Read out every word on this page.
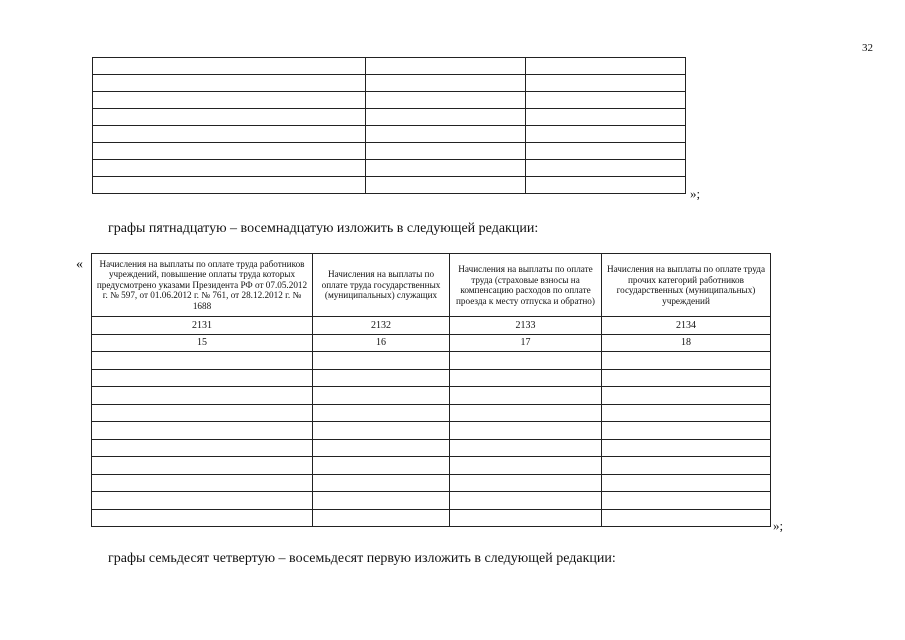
32

»;
графы пятнадцатую – восемнадцатую изложить в следующей редакции:
« Начисления на выплаты по оплате труда работников учреждений, повышение оплаты труда которых предусмотрено указами Президента РФ от 07.05.2012 г. № 597, от 01.06.2012 г. № 761, от 28.12.2012 г. № 1688	Начисления на выплаты по оплате труда государственных (муниципальных) служащих	Начисления на выплаты по оплате труда (страховые взносы на компенсацию расходов по оплате проезда к месту отпуска и обратно)	Начисления на выплаты по оплате труда прочих категорий работников государственных (муниципальных) учреждений
2131	2132	2133	2134
15	16	17	18

»;
графы семьдесят четвертую – восемьдесят первую изложить в следующей редакции:
